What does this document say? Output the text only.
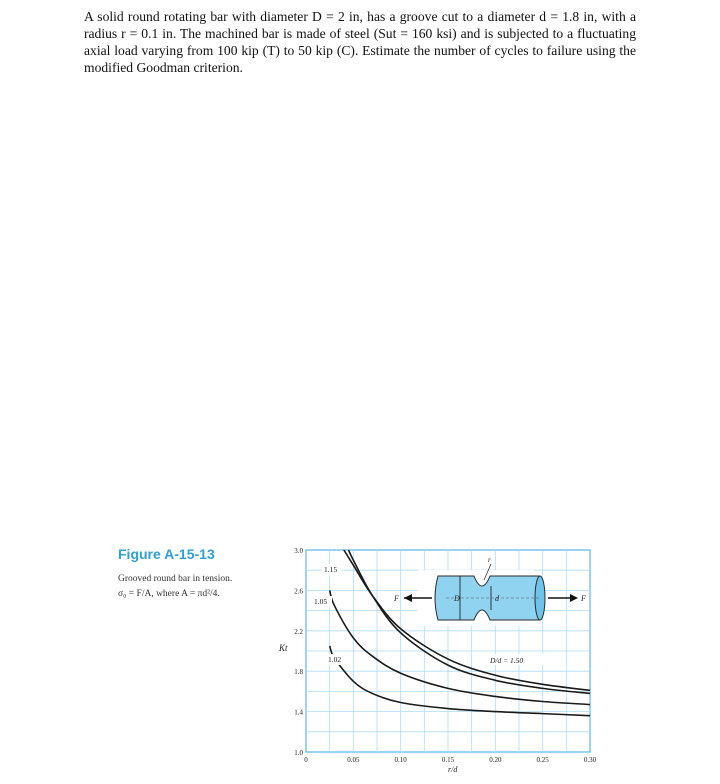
A solid round rotating bar with diameter D = 2 in, has a groove cut to a diameter d = 1.8 in, with a radius r = 0.1 in. The machined bar is made of steel (Sut = 160 ksi) and is subjected to a fluctuating axial load varying from 100 kip (T) to 50 kip (C). Estimate the number of cycles to failure using the modified Goodman criterion.
Figure A-15-13
Grooved round bar in tension.
σ₀ = F/A, where A = πd²/4.
0	0.05	0.10	0.15	0.20	0.25	0.30
1.0
1.4
1.8
2.2
2.6
3.0
F	D	d
r
F
1.15
1.05
1.02	D/d = 1.50
Kt
r/d
